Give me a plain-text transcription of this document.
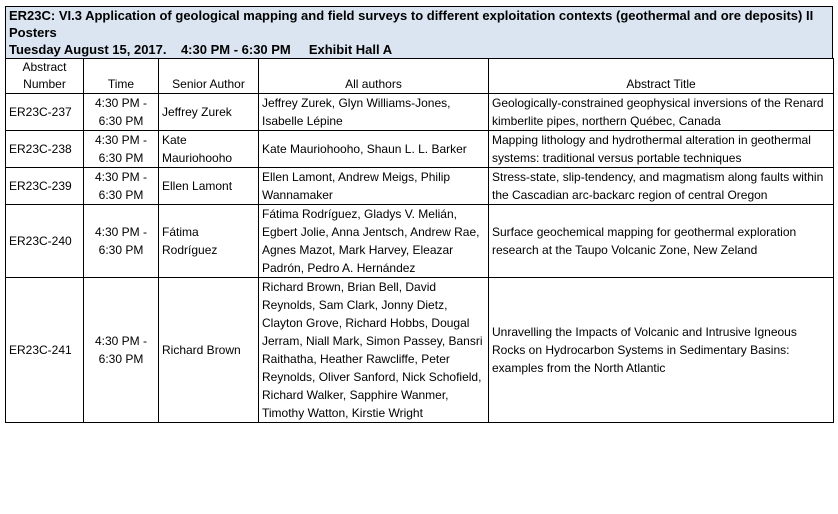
ER23C: VI.3 Application of geological mapping and field surveys to different exploitation contexts (geothermal and ore deposits) II Posters
Tuesday August 15, 2017.    4:30 PM - 6:30 PM     Exhibit Hall A
Abstract Number	Time	Senior Author	All authors	Abstract Title
ER23C-237	4:30 PM - 6:30 PM	Jeffrey Zurek	Jeffrey Zurek, Glyn Williams-Jones, Isabelle Lépine	Geologically-constrained geophysical inversions of the Renard kimberlite pipes, northern Québec, Canada
ER23C-238	4:30 PM - 6:30 PM	Kate Mauriohooho	Kate Mauriohooho, Shaun L. L. Barker	Mapping lithology and hydrothermal alteration in geothermal systems: traditional versus portable techniques
ER23C-239	4:30 PM - 6:30 PM	Ellen Lamont	Ellen Lamont, Andrew Meigs, Philip Wannamaker	Stress-state, slip-tendency, and magmatism along faults within the Cascadian arc-backarc region of central Oregon
ER23C-240	4:30 PM - 6:30 PM	Fátima Rodríguez	Fátima Rodríguez, Gladys V. Melián, Egbert Jolie, Anna Jentsch, Andrew Rae, Agnes Mazot, Mark Harvey, Eleazar Padrón, Pedro A. Hernández	Surface geochemical mapping for geothermal exploration research at the Taupo Volcanic Zone, New Zeland
ER23C-241	4:30 PM - 6:30 PM	Richard Brown	Richard Brown, Brian Bell, David Reynolds, Sam Clark, Jonny Dietz, Clayton Grove, Richard Hobbs, Dougal Jerram, Niall Mark, Simon Passey, Bansri Raithatha, Heather Rawcliffe, Peter Reynolds, Oliver Sanford, Nick Schofield, Richard Walker, Sapphire Wanmer, Timothy Watton, Kirstie Wright	Unravelling the Impacts of Volcanic and Intrusive Igneous Rocks on Hydrocarbon Systems in Sedimentary Basins: examples from the North Atlantic
